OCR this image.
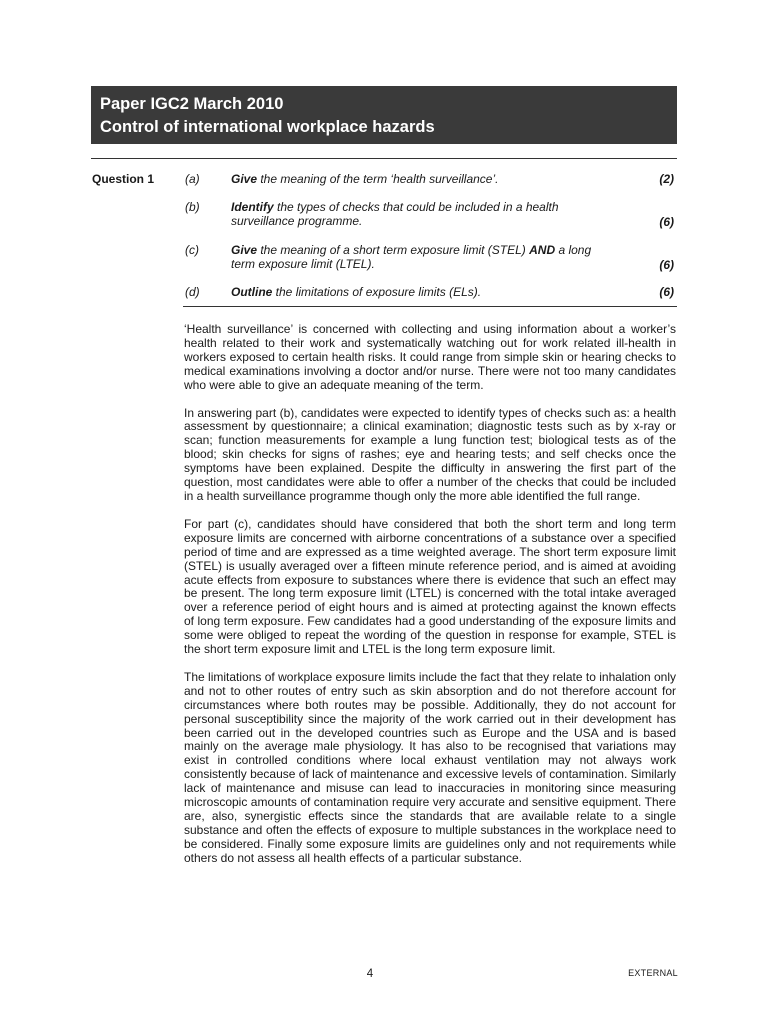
Paper IGC2 March 2010
Control of international workplace hazards
Question 1	(a)	Give the meaning of the term ‘health surveillance’.	(2)
(b)	Identify the types of checks that could be included in a health surveillance programme.	(6)
(c)	Give the meaning of a short term exposure limit (STEL) AND a long term exposure limit (LTEL).	(6)
(d)	Outline the limitations of exposure limits (ELs).	(6)

‘Health surveillance’ is concerned with collecting and using information about a worker’s health related to their work and systematically watching out for work related ill-health in workers exposed to certain health risks. It could range from simple skin or hearing checks to medical examinations involving a doctor and/or nurse. There were not too many candidates who were able to give an adequate meaning of the term.

In answering part (b), candidates were expected to identify types of checks such as: a health assessment by questionnaire; a clinical examination; diagnostic tests such as by x-ray or scan; function measurements for example a lung function test; biological tests as of the blood; skin checks for signs of rashes; eye and hearing tests; and self checks once the symptoms have been explained. Despite the difficulty in answering the first part of the question, most candidates were able to offer a number of the checks that could be included in a health surveillance programme though only the more able identified the full range.

For part (c), candidates should have considered that both the short term and long term exposure limits are concerned with airborne concentrations of a substance over a specified period of time and are expressed as a time weighted average. The short term exposure limit (STEL) is usually averaged over a fifteen minute reference period, and is aimed at avoiding acute effects from exposure to substances where there is evidence that such an effect may be present. The long term exposure limit (LTEL) is concerned with the total intake averaged over a reference period of eight hours and is aimed at protecting against the known effects of long term exposure. Few candidates had a good understanding of the exposure limits and some were obliged to repeat the wording of the question in response for example, STEL is the short term exposure limit and LTEL is the long term exposure limit.

The limitations of workplace exposure limits include the fact that they relate to inhalation only and not to other routes of entry such as skin absorption and do not therefore account for circumstances where both routes may be possible. Additionally, they do not account for personal susceptibility since the majority of the work carried out in their development has been carried out in the developed countries such as Europe and the USA and is based mainly on the average male physiology. It has also to be recognised that variations may exist in controlled conditions where local exhaust ventilation may not always work consistently because of lack of maintenance and excessive levels of contamination. Similarly lack of maintenance and misuse can lead to inaccuracies in monitoring since measuring microscopic amounts of contamination require very accurate and sensitive equipment. There are, also, synergistic effects since the standards that are available relate to a single substance and often the effects of exposure to multiple substances in the workplace need to be considered. Finally some exposure limits are guidelines only and not requirements while others do not assess all health effects of a particular substance.

4	EXTERNAL
